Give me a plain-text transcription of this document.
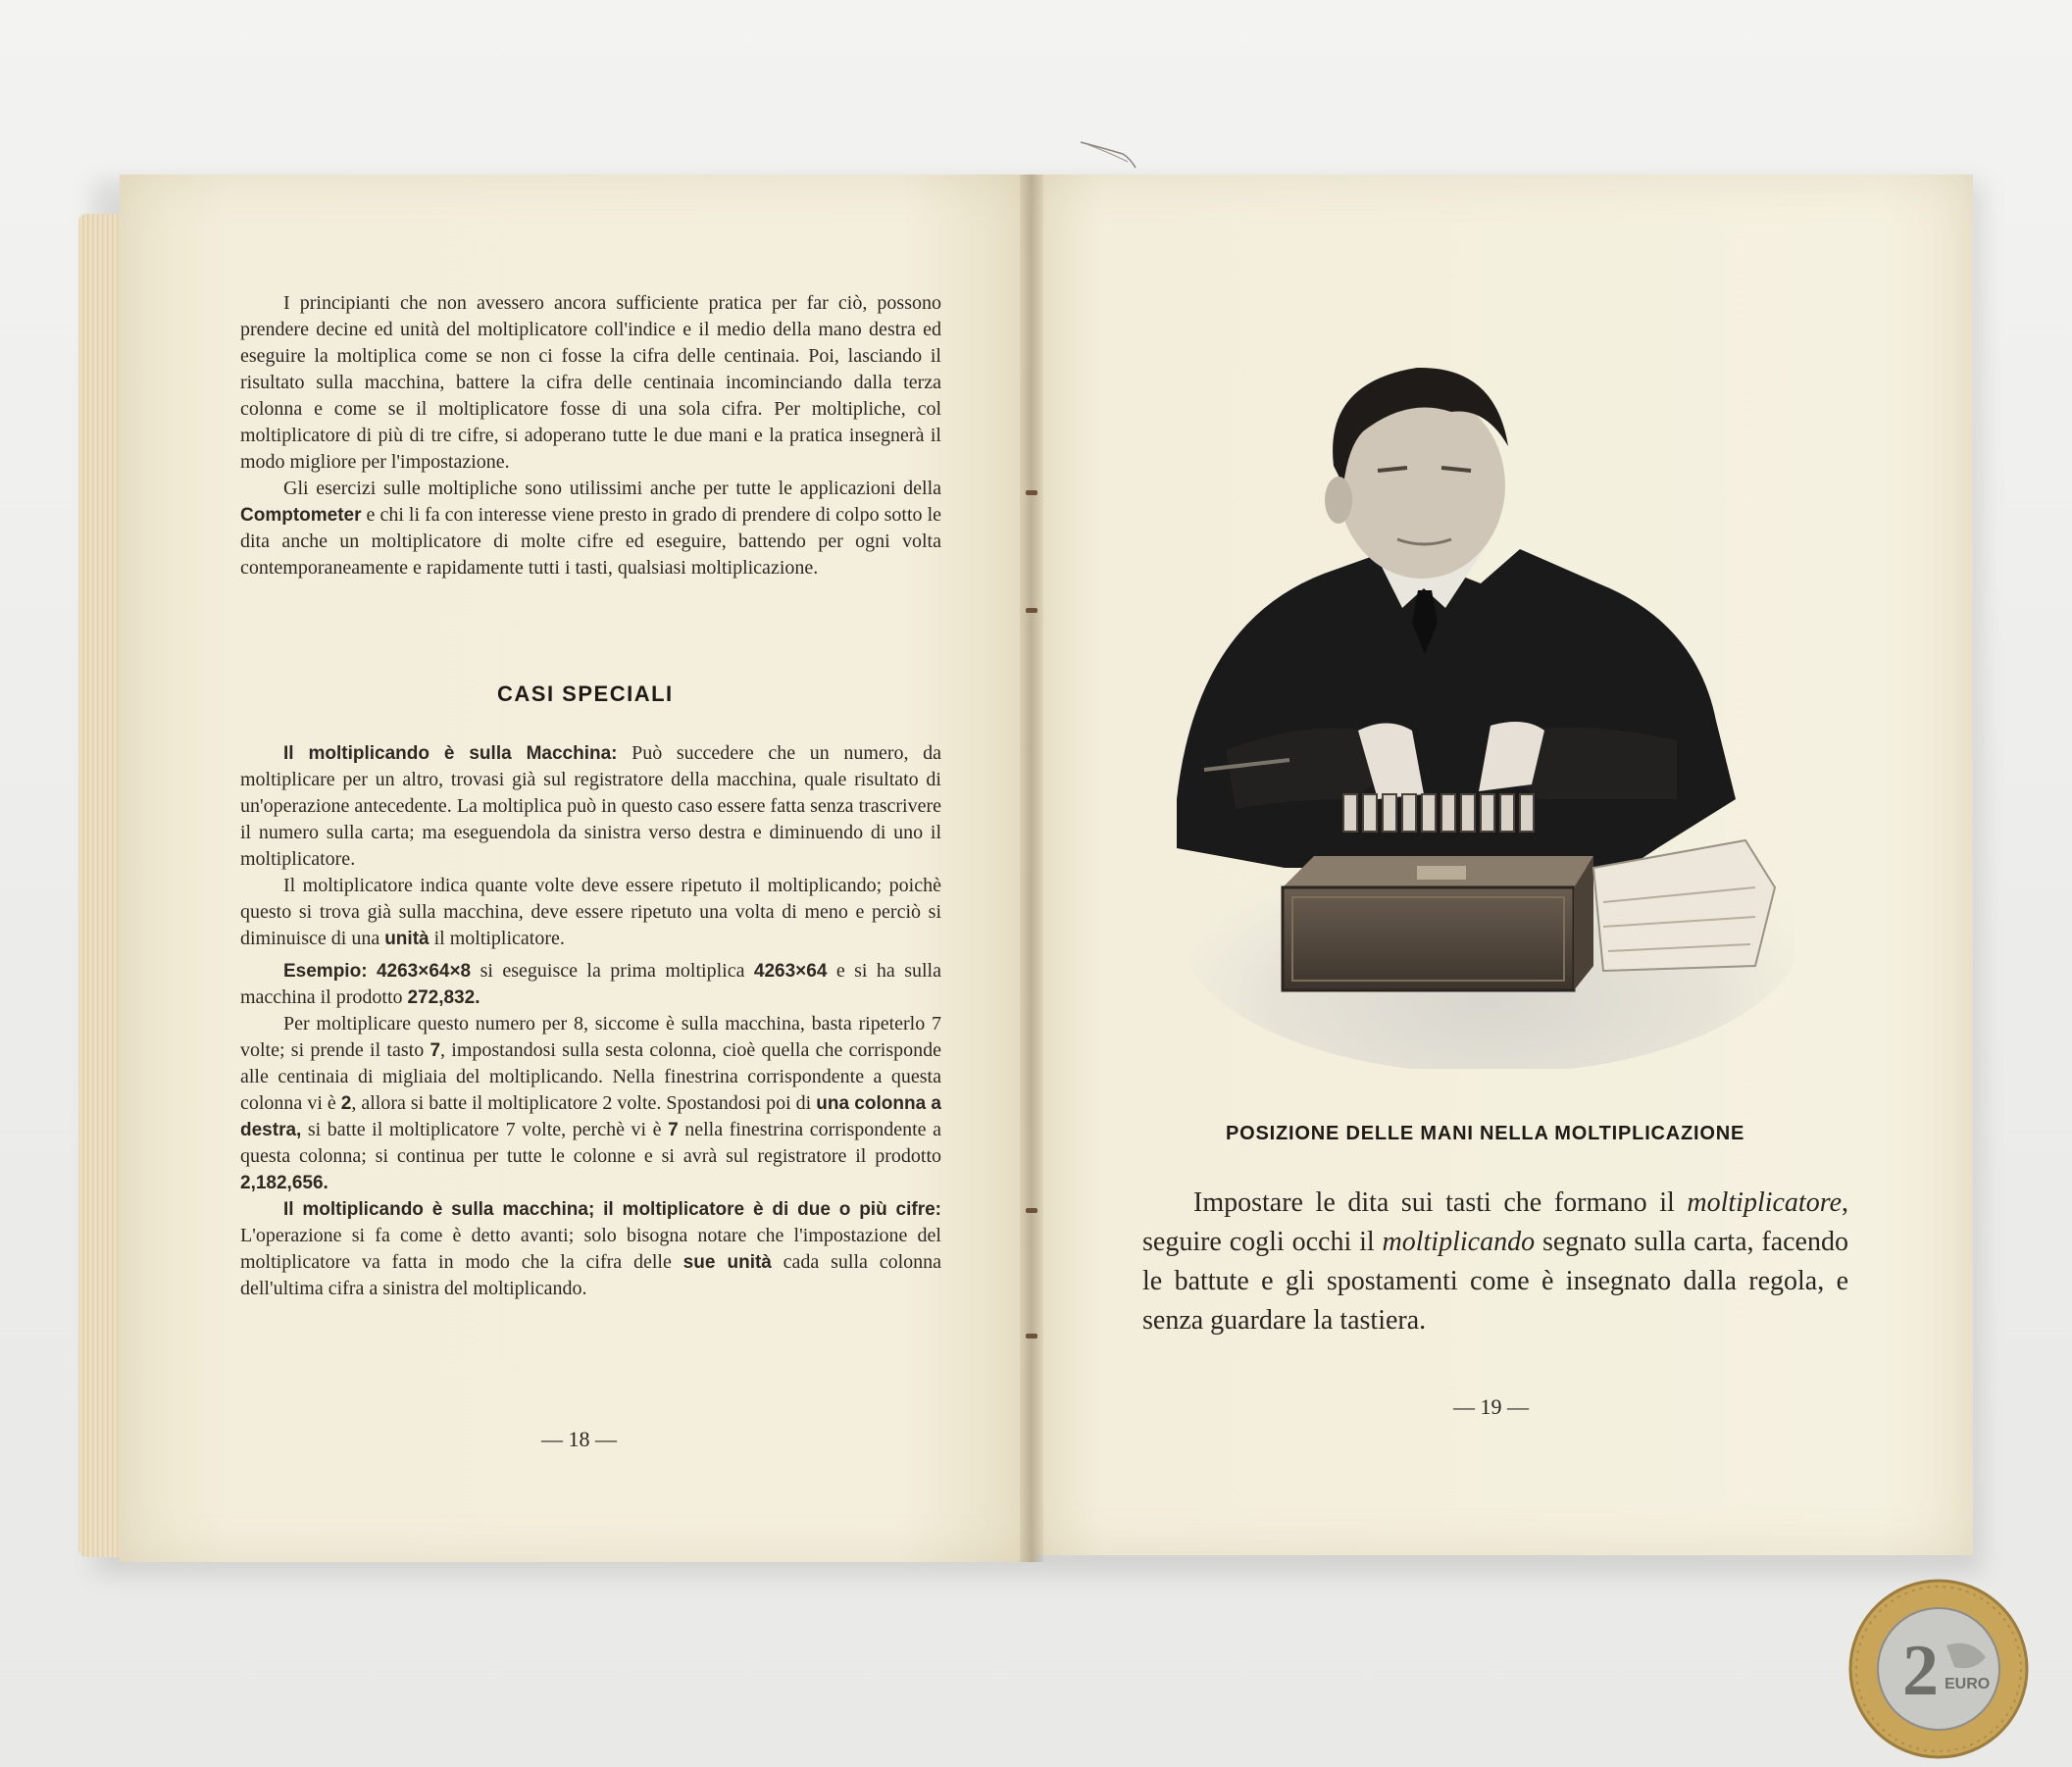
I principianti che non avessero ancora sufficiente pratica per far ciò, possono prendere decine ed unità del moltiplicatore coll'indice e il medio della mano destra ed eseguire la moltiplica come se non ci fosse la cifra delle centinaia. Poi, lasciando il risultato sulla macchina, battere la cifra delle centinaia incominciando dalla terza colonna e come se il moltiplicatore fosse di una sola cifra. Per moltipliche, col moltiplicatore di più di tre cifre, si adoperano tutte le due mani e la pratica insegnerà il modo migliore per l'impostazione.

Gli esercizi sulle moltipliche sono utilissimi anche per tutte le applicazioni della Comptometer e chi li fa con interesse viene presto in grado di prendere di colpo sotto le dita anche un moltiplicatore di molte cifre ed eseguire, battendo per ogni volta contemporaneamente e rapidamente tutti i tasti, qualsiasi moltiplicazione.

CASI SPECIALI

Il moltiplicando è sulla Macchina: Può succedere che un numero, da moltiplicare per un altro, trovasi già sul registratore della macchina, quale risultato di un'operazione antecedente. La moltiplica può in questo caso essere fatta senza trascrivere il numero sulla carta; ma eseguendola da sinistra verso destra e diminuendo di uno il moltiplicatore.

Il moltiplicatore indica quante volte deve essere ripetuto il moltiplicando; poichè questo si trova già sulla macchina, deve essere ripetuto una volta di meno e perciò si diminuisce di una unità il moltiplicatore.

Esempio: 4263×64×8 si eseguisce la prima moltiplica 4263×64 e si ha sulla macchina il prodotto 272,832.

Per moltiplicare questo numero per 8, siccome è sulla macchina, basta ripeterlo 7 volte; si prende il tasto 7, impostandosi sulla sesta colonna, cioè quella che corrisponde alle centinaia di migliaia del moltiplicando. Nella finestrina corrispondente a questa colonna vi è 2, allora si batte il moltiplicatore 2 volte. Spostandosi poi di una colonna a destra, si batte il moltiplicatore 7 volte, perchè vi è 7 nella finestrina corrispondente a questa colonna; si continua per tutte le colonne e si avrà sul registratore il prodotto 2,182,656.

Il moltiplicando è sulla macchina; il moltiplicatore è di due o più cifre: L'operazione si fa come è detto avanti; solo bisogna notare che l'impostazione del moltiplicatore va fatta in modo che la cifra delle sue unità cada sulla colonna dell'ultima cifra a sinistra del moltiplicando.

— 18 —
POSIZIONE DELLE MANI NELLA MOLTIPLICAZIONE
Impostare le dita sui tasti che formano il moltiplicatore, seguire cogli occhi il moltiplicando segnato sulla carta, facendo le battute e gli spostamenti come è insegnato dalla regola, e senza guardare la tastiera.
— 19 —
2 EURO
